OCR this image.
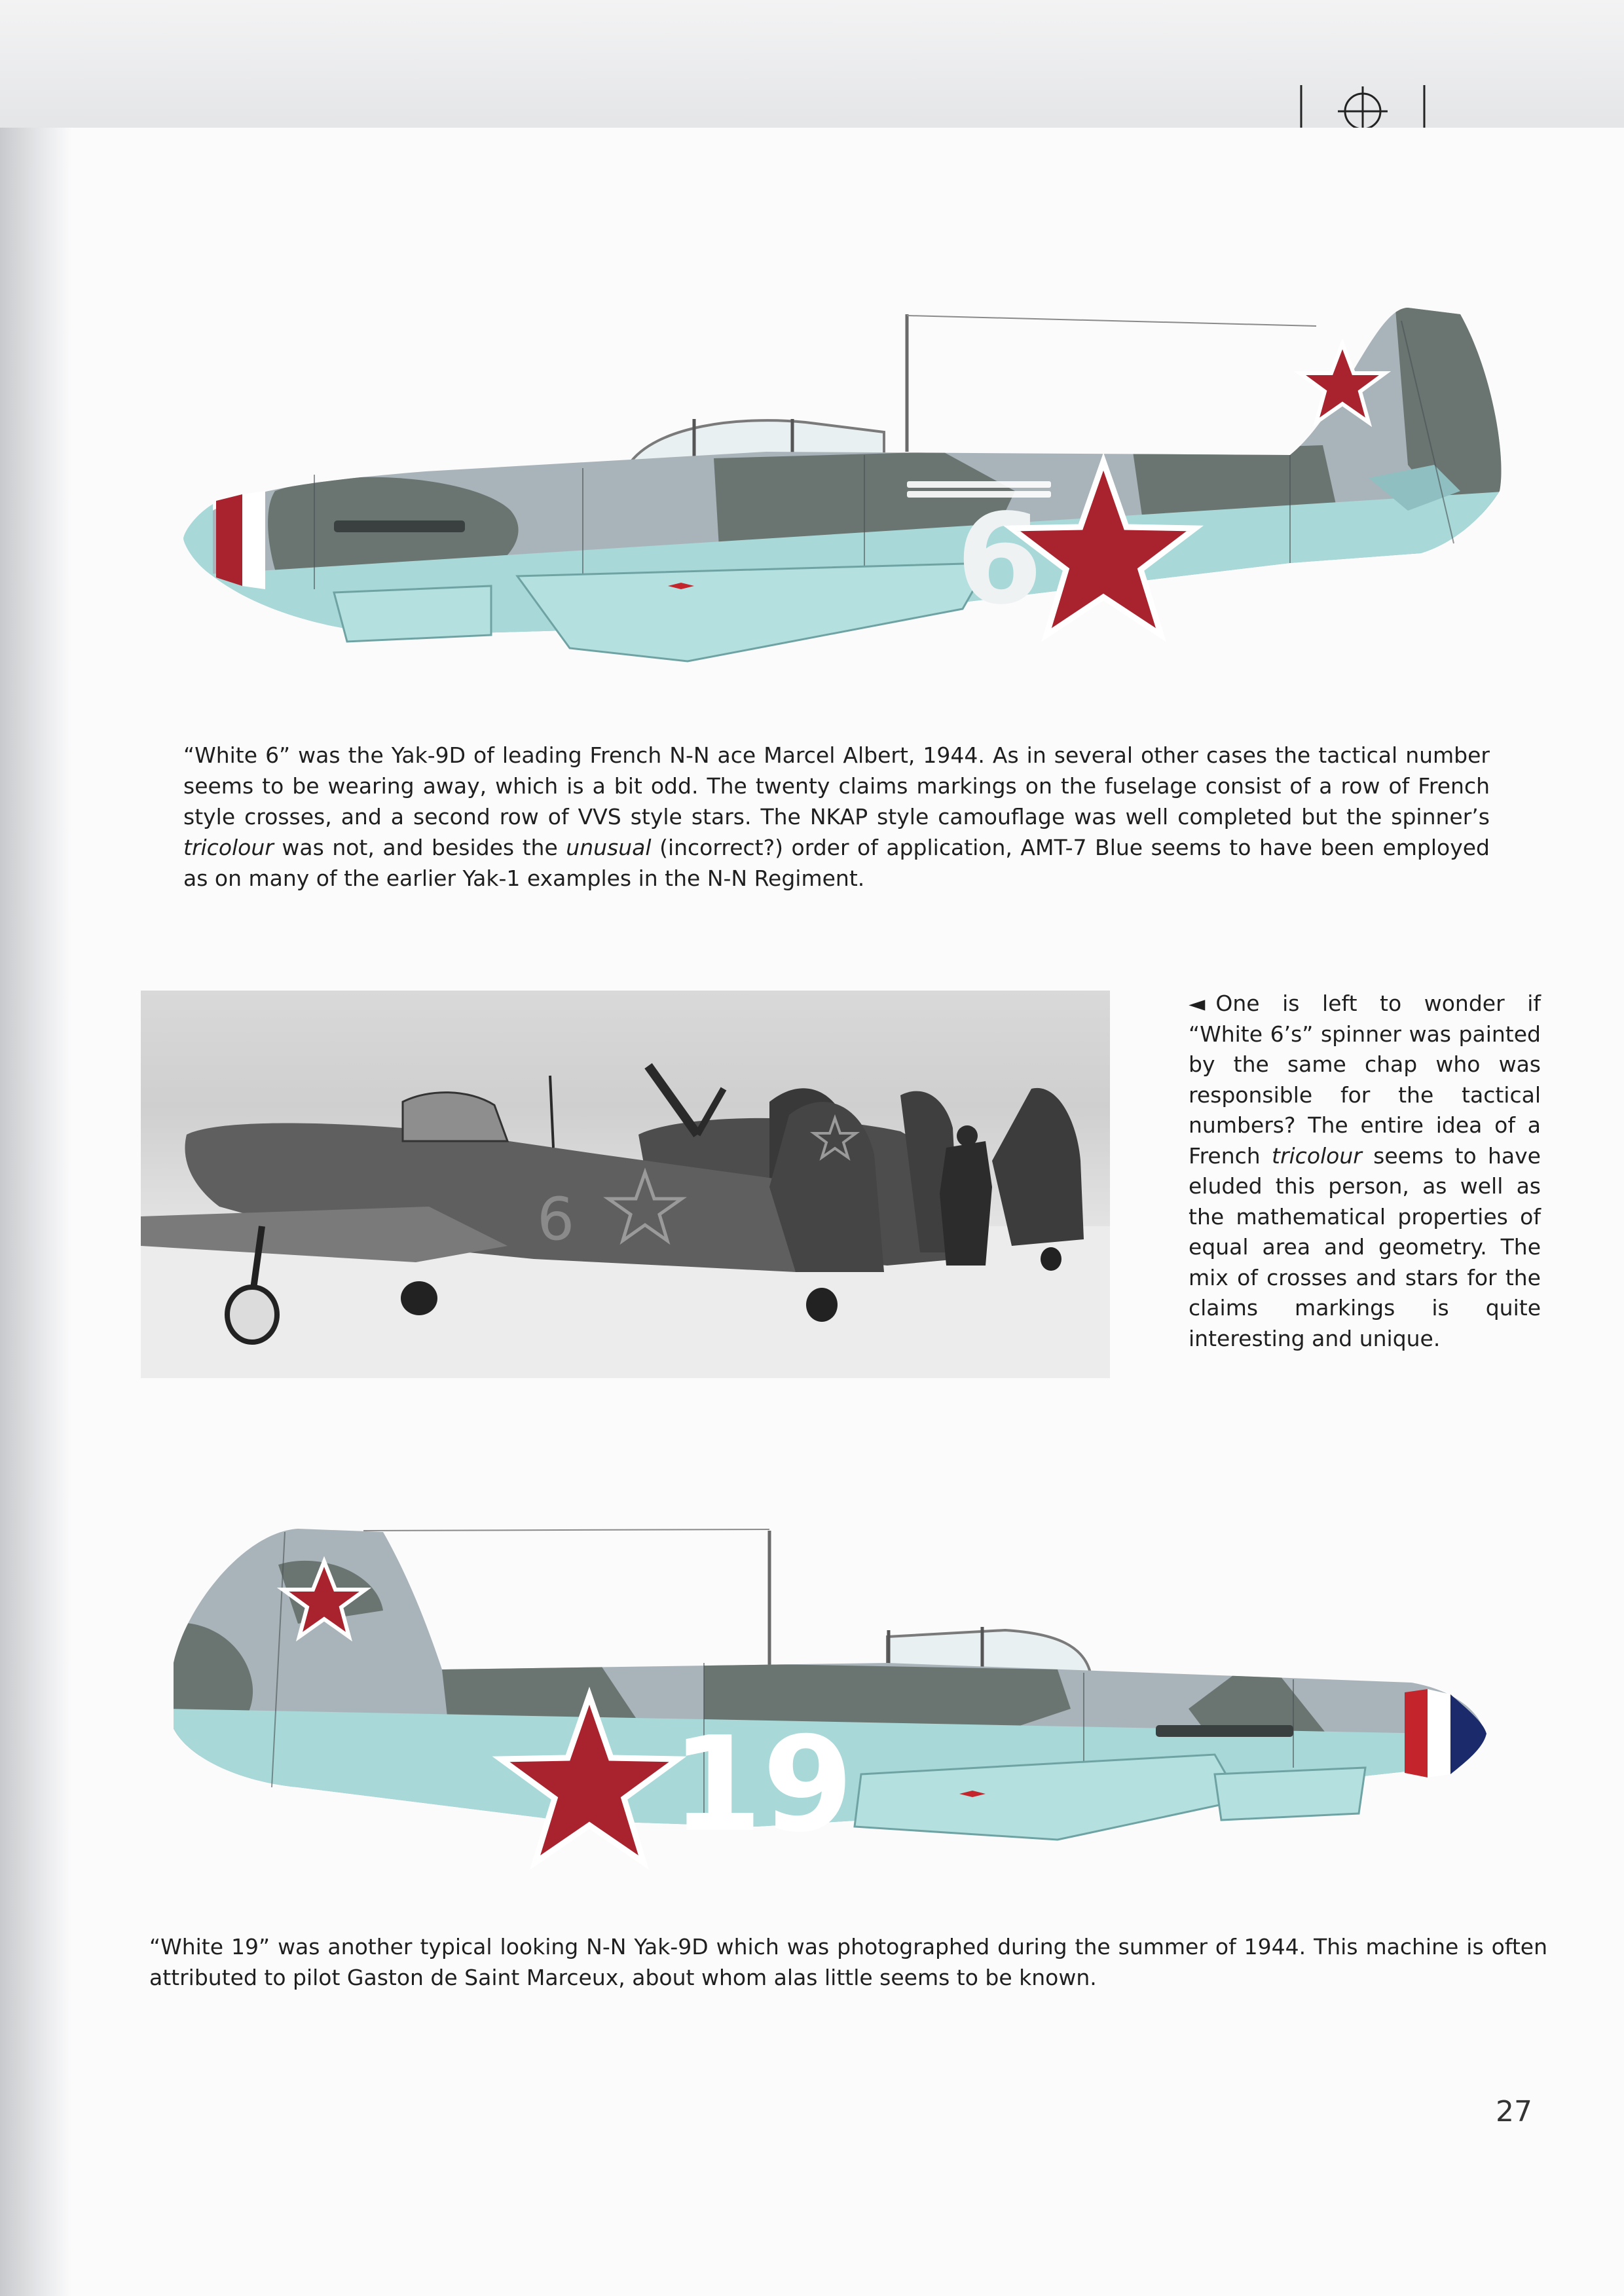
6
“White 6” was the Yak-9D of leading French N-N ace Marcel Albert, 1944. As in several other cases the tactical number seems to be wearing away, which is a bit odd. The twenty claims markings on the fuselage consist of a row of French style crosses, and a second row of VVS style stars. The NKAP style camouflage was well completed but the spinner’s tricolour was not, and besides the unusual (incorrect?) order of application, AMT-7 Blue seems to have been employed as on many of the earlier Yak-1 examples in the N-N Regiment.
6
◄ One is left to wonder if “White 6’s” spinner was painted by the same chap who was responsible for the tactical numbers? The entire idea of a French tricolour seems to have eluded this person, as well as the mathematical properties of equal area and geometry. The mix of crosses and stars for the claims markings is quite interesting and unique.
19
“White 19” was another typical looking N-N Yak-9D which was photographed during the summer of 1944. This machine is often attributed to pilot Gaston de Saint Marceux, about whom alas little seems to be known.
27
